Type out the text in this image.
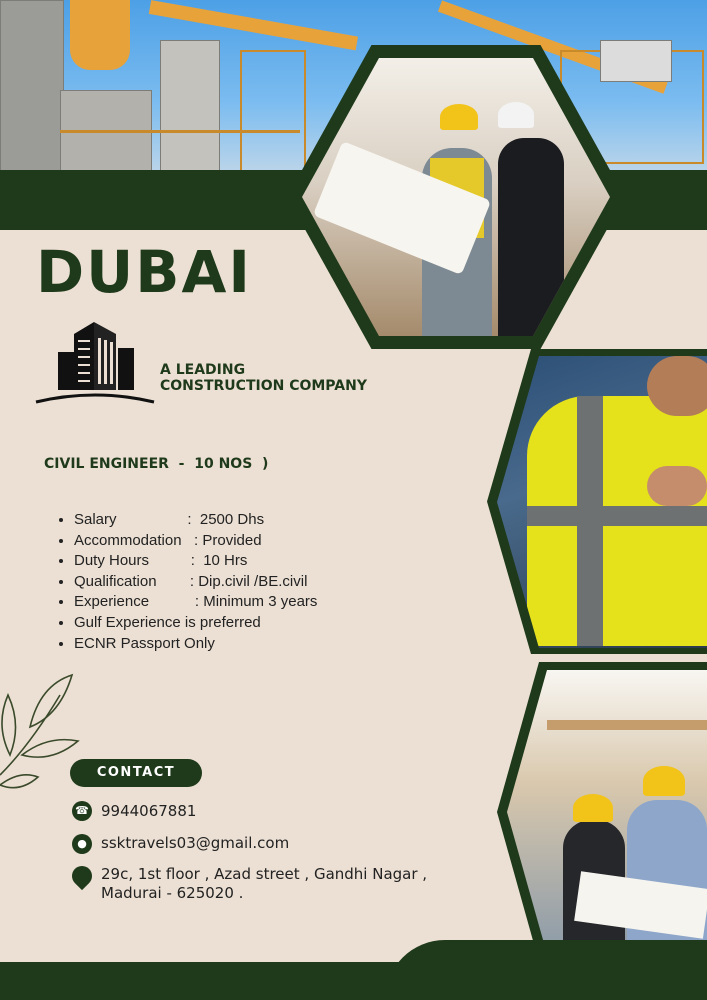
DUBAI
A LEADING
CONSTRUCTION COMPANY
CIVIL ENGINEER  -  10 NOS  )
• Salary                 :  2500 Dhs
• Accommodation   : Provided
• Duty Hours          :  10 Hrs
• Qualification        : Dip.civil /BE.civil
• Experience           : Minimum 3 years
• Gulf Experience is preferred
• ECNR Passport Only
CONTACT
☎ 9944067881
● ssktravels03@gmail.com
29c, 1st floor , Azad street , Gandhi Nagar ,
Madurai - 625020 .
